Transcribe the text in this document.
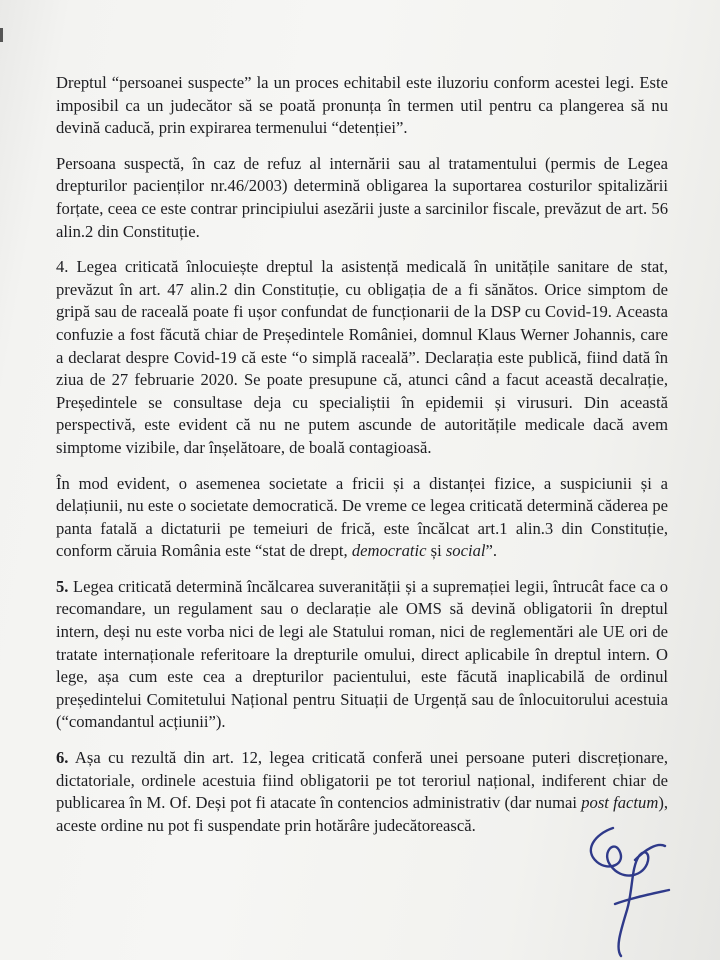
Dreptul “persoanei suspecte” la un proces echitabil este iluzoriu conform acestei legi. Este imposibil ca un judecător să se poată pronunța în termen util pentru ca plangerea să nu devină caducă, prin expirarea termenului “detenției”.

Persoana suspectă, în caz de refuz al internării sau al tratamentului (permis de Legea drepturilor pacienților nr.46/2003) determină obligarea la suportarea costurilor spitalizării forțate, ceea ce este contrar principiului asezării juste a sarcinilor fiscale, prevăzut de art. 56 alin.2 din Constituție.

4. Legea criticată înlocuiește dreptul la asistență medicală în unitățile sanitare de stat, prevăzut în art. 47 alin.2 din Constituție, cu obligația de a fi sănătos. Orice simptom de gripă sau de raceală poate fi ușor confundat de funcționarii de la DSP cu Covid-19. Aceasta confuzie a fost făcută chiar de Președintele României, domnul Klaus Werner Johannis, care a declarat despre Covid-19 că este “o simplă raceală”. Declarația este publică, fiind dată în ziua de 27 februarie 2020. Se poate presupune că, atunci când a facut această decalrație, Președintele se consultase deja cu specialiștii în epidemii și virusuri. Din această perspectivă, este evident că nu ne putem ascunde de autoritățile medicale dacă avem simptome vizibile, dar înșelătoare, de boală contagioasă.

În mod evident, o asemenea societate a fricii și a distanței fizice, a suspiciunii și a delațiunii, nu este o societate democratică. De vreme ce legea criticată determină căderea pe panta fatală a dictaturii pe temeiuri de frică, este încălcat art.1 alin.3 din Constituție, conform căruia România este “stat de drept, democratic și social”.

5. Legea criticată determină încălcarea suveranității și a supremației legii, întrucât face ca o recomandare, un regulament sau o declarație ale OMS să devină obligatorii în dreptul intern, deși nu este vorba nici de legi ale Statului roman, nici de reglementări ale UE ori de tratate internaționale referitoare la drepturile omului, direct aplicabile în dreptul intern. O lege, așa cum este cea a drepturilor pacientului, este făcută inaplicabilă de ordinul președintelui Comitetului Național pentru Situații de Urgență sau de înlocuitorului acestuia (“comandantul acțiunii”).

6. Așa cu rezultă din art. 12, legea criticată conferă unei persoane puteri discreționare, dictatoriale, ordinele acestuia fiind obligatorii pe tot teroriul național, indiferent chiar de publicarea în M. Of. Deși pot fi atacate în contencios administrativ (dar numai post factum), aceste ordine nu pot fi suspendate prin hotărâre judecătorească.
